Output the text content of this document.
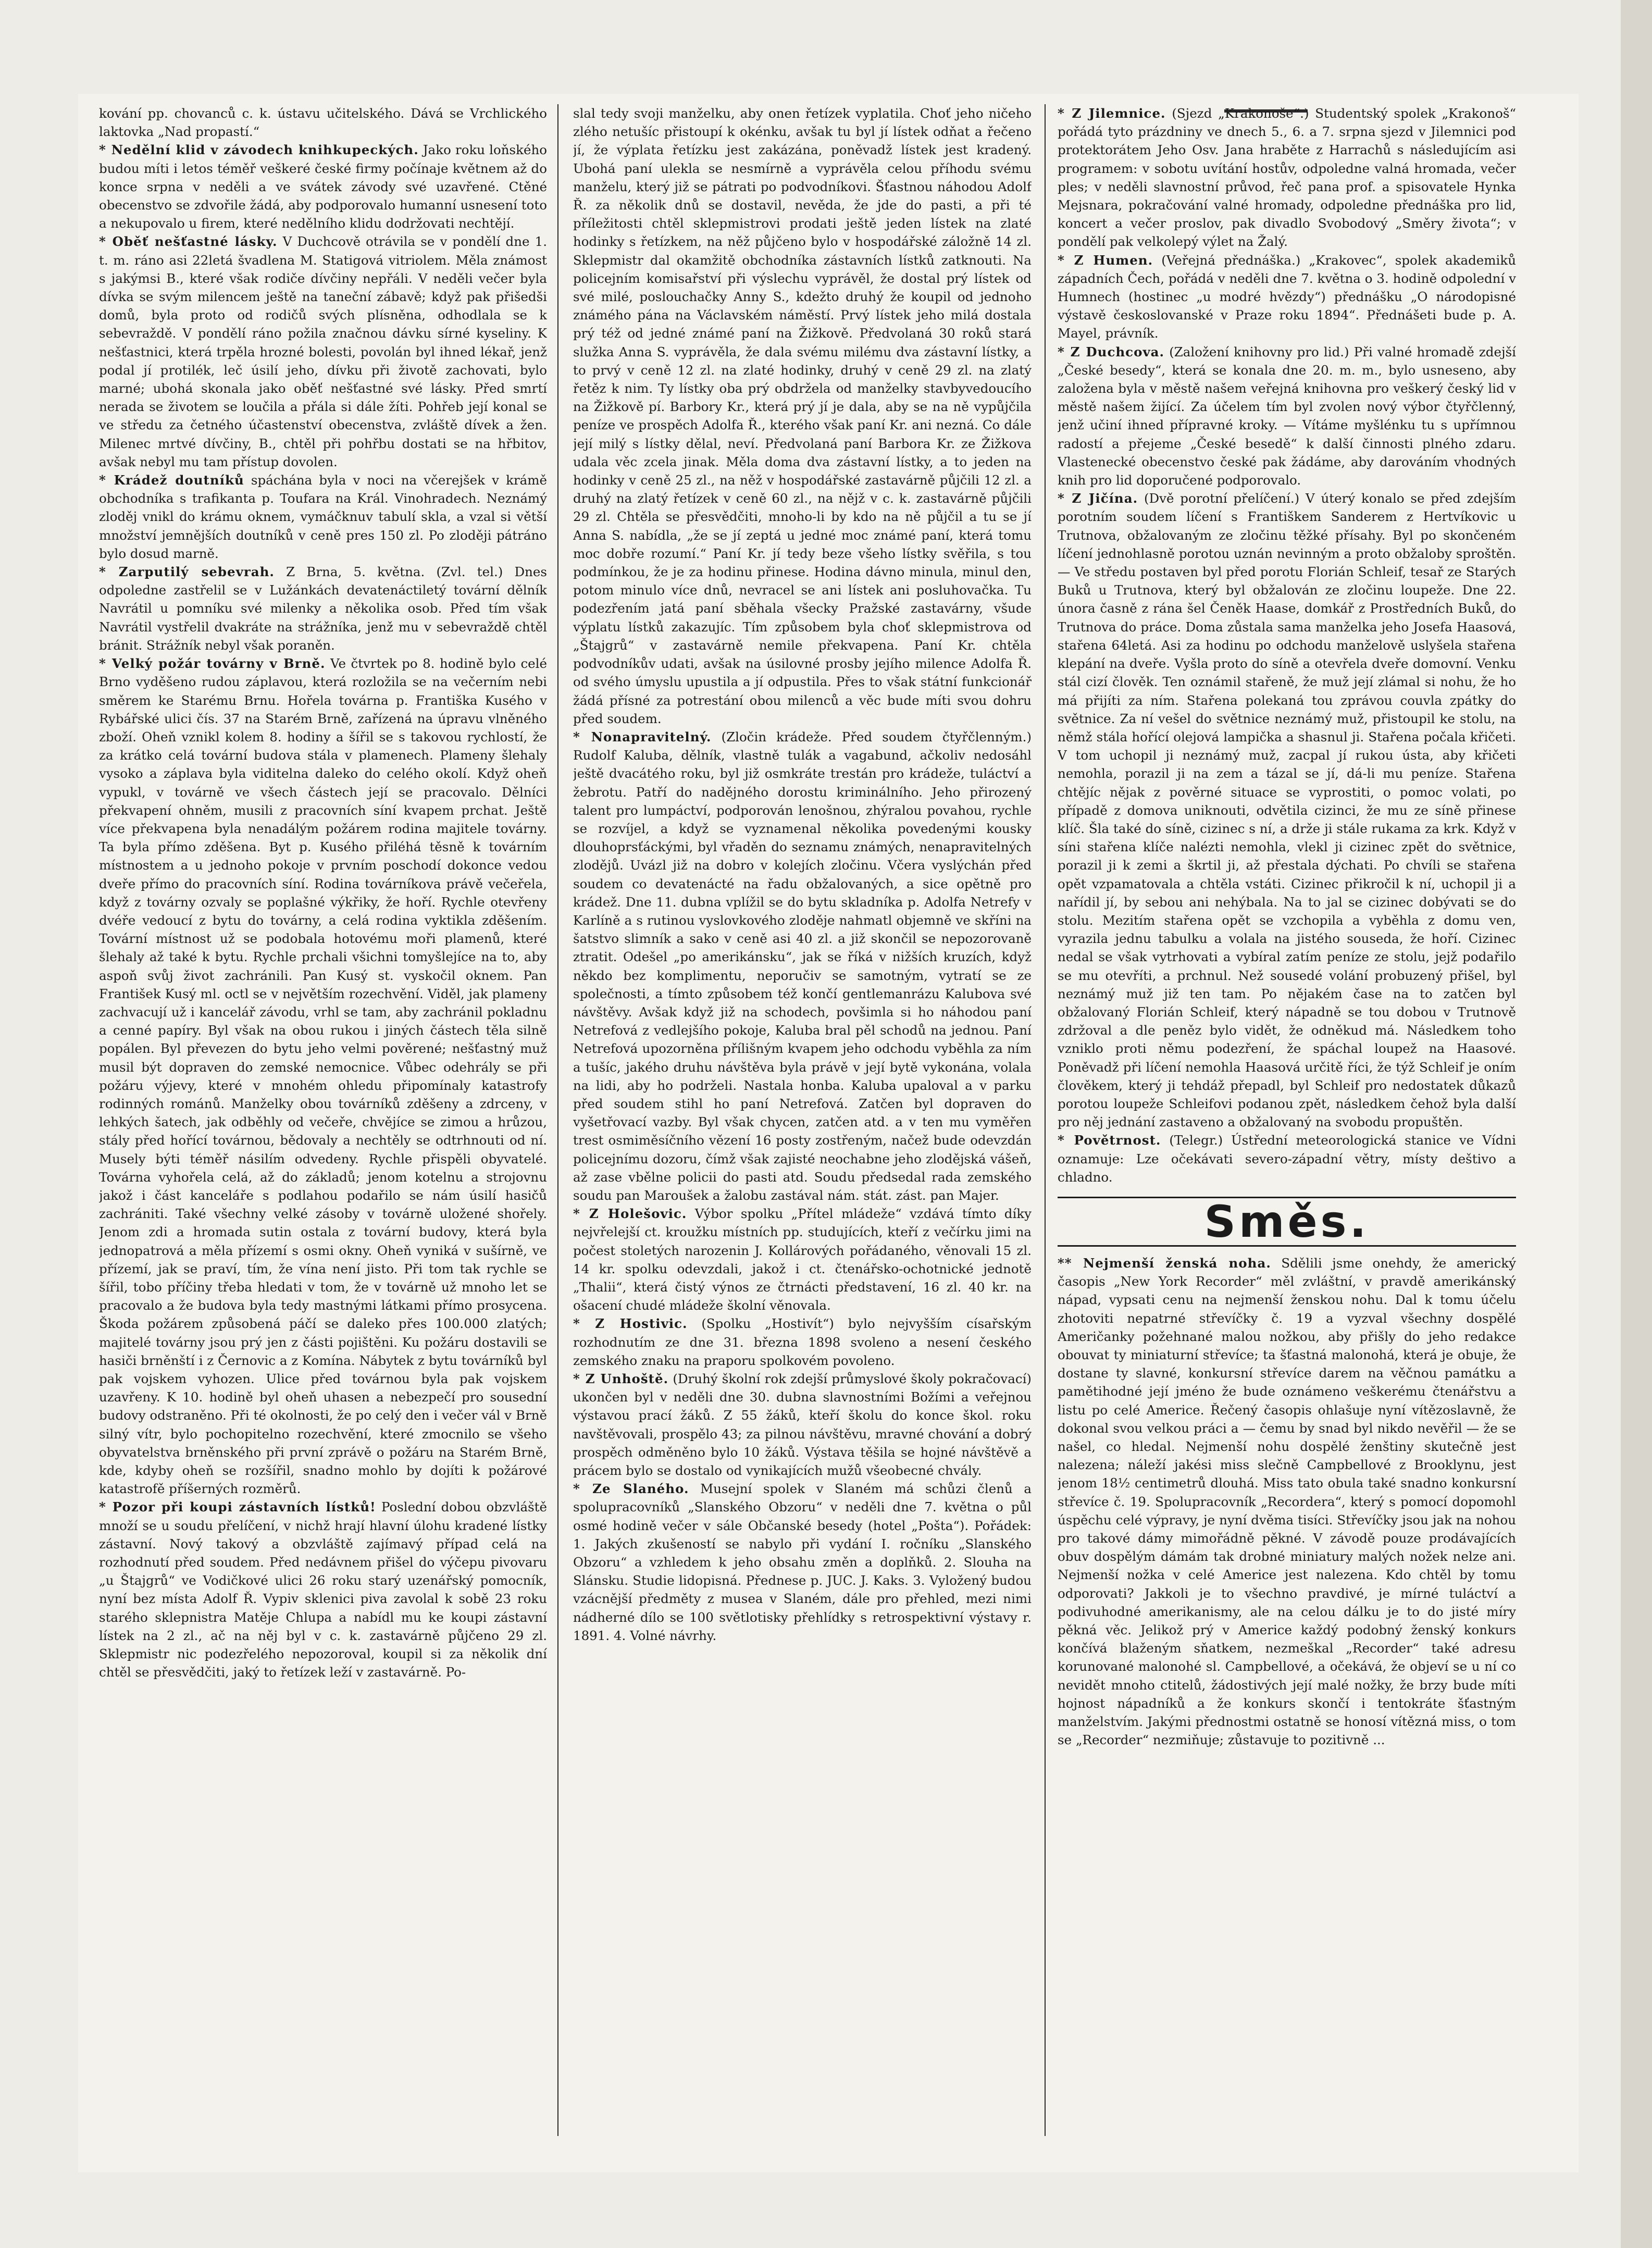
kování pp. chovanců c. k. ústavu učitelského. Dává se Vrchlického laktovka „Nad propastí.“

* Nedělní klid v závodech knihkupeckých. Jako roku loňského budou míti i letos téměř veškeré české firmy počínaje květnem až do konce srpna v neděli a ve svátek závody své uzavřené. Ctěné obecenstvo se zdvořile žádá, aby podporovalo humanní usnesení toto a nekupovalo u firem, které nedělního klidu dodržovati nechtějí.

* Oběť nešťastné lásky. V Duchcově otrávila se v pondělí dne 1. t. m. ráno asi 22letá švadlena M. Statigová vitriolem. Měla známost s jakýmsi B., které však rodiče dívčiny nepřáli. V neděli večer byla dívka se svým milencem ještě na taneční zábavě; když pak přišedši domů, byla proto od rodičů svých plísněna, odhodlala se k sebevraždě. V pondělí ráno požila značnou dávku sírné kyseliny. K nešťastnici, která trpěla hrozné bolesti, povolán byl ihned lékař, jenž podal jí protilék, leč úsilí jeho, dívku při životě zachovati, bylo marné; ubohá skonala jako oběť nešťastné své lásky. Před smrtí nerada se životem se loučila a přála si dále žíti. Pohřeb její konal se ve středu za četného účastenství obecenstva, zvláště dívek a žen. Milenec mrtvé dívčiny, B., chtěl při pohřbu dostati se na hřbitov, avšak nebyl mu tam přístup dovolen.

* Krádež doutníků spáchána byla v noci na včerejšek v krámě obchodníka s trafikanta p. Toufara na Král. Vinohradech. Neznámý zloděj vnikl do krámu oknem, vymáčknuv tabulí skla, a vzal si větší množství jemnějších doutníků v ceně pres 150 zl. Po zloději pátráno bylo dosud marně.

* Zarputilý sebevrah. Z Brna, 5. května. (Zvl. tel.) Dnes odpoledne zastřelil se v Lužánkách devatenáctiletý tovární dělník Navrátil u pomníku své milenky a několika osob. Před tím však Navrátil vystřelil dvakráte na strážníka, jenž mu v sebevraždě chtěl bránit. Strážník nebyl však poraněn.

* Velký požár továrny v Brně. Ve čtvrtek po 8. hodině bylo celé Brno vyděšeno rudou záplavou, která rozložila se na večerním nebi směrem ke Starému Brnu. Hořela továrna p. Františka Kusého v Rybářské ulici čís. 37 na Starém Brně, zařízená na úpravu vlněného zboží. Oheň vznikl kolem 8. hodiny a šířil se s takovou rychlostí, že za krátko celá tovární budova stála v plamenech. Plameny šlehaly vysoko a záplava byla viditelna daleko do celého okolí. Když oheň vypukl, v továrně ve všech částech její se pracovalo. Dělníci překvapení ohněm, musili z pracovních síní kvapem prchat. Ještě více překvapena byla nenadálým požárem rodina majitele továrny. Ta byla přímo zděšena. Byt p. Kusého přiléhá těsně k továrním místnostem a u jednoho pokoje v prvním poschodí dokonce vedou dveře přímo do pracovních síní. Rodina továrníkova právě večeřela, když z továrny ozvaly se poplašné výkřiky, že hoří. Rychle otevřeny dvéře vedoucí z bytu do továrny, a celá rodina vyktikla zděšením. Tovární místnost už se podobala hotovému moři plamenů, které šlehaly až také k bytu. Rychle prchali všichni tomyšlejíce na to, aby aspoň svůj život zachránili. Pan Kusý st. vyskočil oknem. Pan František Kusý ml. octl se v největším rozechvění. Viděl, jak plameny zachvacují už i kancelář závodu, vrhl se tam, aby zachránil pokladnu a cenné papíry. Byl však na obou rukou i jiných částech těla silně popálen. Byl převezen do bytu jeho velmi pověrené; nešťastný muž musil být dopraven do zemské nemocnice. Vůbec odehrály se při požáru výjevy, které v mnohém ohledu připomínaly katastrofy rodinných románů. Manželky obou továrníků zděšeny a zdrceny, v lehkých šatech, jak odběhly od večeře, chvějíce se zimou a hrůzou, stály před hořící továrnou, bědovaly a nechtěly se odtrhnouti od ní. Musely býti téměř násilím odvedeny. Rychle přispěli obyvatelé. Továrna vyhořela celá, až do základů; jenom kotelnu a strojovnu jakož i část kanceláře s podlahou podařilo se nám úsilí hasičů zachrániti. Také všechny velké zásoby v továrně uložené shořely. Jenom zdi a hromada sutin ostala z tovární budovy, která byla jednopatrová a měla přízemí s osmi okny. Oheň vyniká v sušírně, ve přízemí, jak se praví, tím, že vína není jisto. Při tom tak rychle se šířil, tobo příčiny třeba hledati v tom, že v továrně už mnoho let se pracovalo a že budova byla tedy mastnými látkami přímo prosycena. Škoda požárem způsobená páčí se daleko přes 100.000 zlatých; majitelé továrny jsou prý jen z části pojištěni. Ku požáru dostavili se hasiči brněnští i z Černovic a z Komína. Nábytek z bytu továrníků byl pak vojskem vyhozen. Ulice před továrnou byla pak vojskem uzavřeny. K 10. hodině byl oheň uhasen a nebezpečí pro sousední budovy odstraněno. Při té okolnosti, že po celý den i večer vál v Brně silný vítr, bylo pochopitelno rozechvění, které zmocnilo se všeho obyvatelstva brněnského při první zprávě o požáru na Starém Brně, kde, kdyby oheň se rozšířil, snadno mohlo by dojíti k požárové katastrofě příšerných rozměrů.

* Pozor při koupi zástavních lístků! Poslední dobou obzvláště množí se u soudu přelíčení, v nichž hrají hlavní úlohu kradené lístky zástavní. Nový takový a obzvláště zajímavý případ celá na rozhodnutí před soudem. Před nedávnem přišel do výčepu pivovaru „u Štajgrů“ ve Vodičkové ulici 26 roku starý uzenářský pomocník, nyní bez místa Adolf Ř. Vypiv sklenici piva zavolal k sobě 23 roku starého sklepnistra Matěje Chlupa a nabídl mu ke koupi zástavní lístek na 2 zl., ač na něj byl v c. k. zastavárně půjčeno 29 zl. Sklepmistr nic podezřelého nepozoroval, koupil si za několik dní chtěl se přesvědčiti, jaký to řetízek leží v zastavárně. Po-

slal tedy svoji manželku, aby onen řetízek vyplatila. Choť jeho ničeho zlého netušíc přistoupí k okénku, avšak tu byl jí lístek odňat a řečeno jí, že výplata řetízku jest zakázána, poněvadž lístek jest kradený. Ubohá paní ulekla se nesmírně a vyprávěla celou příhodu svému manželu, který již se pátrati po podvodníkovi. Šťastnou náhodou Adolf Ř. za několik dnů se dostavil, nevěda, že jde do pasti, a při té příležitosti chtěl sklepmistrovi prodati ještě jeden lístek na zlaté hodinky s řetízkem, na něž půjčeno bylo v hospodářské záložně 14 zl. Sklepmistr dal okamžitě obchodníka zástavních lístků zatknouti. Na policejním komisařství při výslechu vyprávěl, že dostal prý lístek od své milé, poslouchačky Anny S., kdežto druhý že koupil od jednoho známého pána na Václavském náměstí. Prvý lístek jeho milá dostala prý též od jedné známé paní na Žižkově. Předvolaná 30 roků stará služka Anna S. vyprávěla, že dala svému milému dva zástavní lístky, a to prvý v ceně 12 zl. na zlaté hodinky, druhý v ceně 29 zl. na zlatý řetěz k nim. Ty lístky oba prý obdržela od manželky stavbyvedoucího na Žižkově pí. Barbory Kr., která prý jí je dala, aby se na ně vypůjčila peníze ve prospěch Adolfa Ř., kterého však paní Kr. ani nezná. Co dále její milý s lístky dělal, neví. Předvolaná paní Barbora Kr. ze Žižkova udala věc zcela jinak. Měla doma dva zástavní lístky, a to jeden na hodinky v ceně 25 zl., na něž v hospodářské zastavárně půjčili 12 zl. a druhý na zlatý řetízek v ceně 60 zl., na nějž v c. k. zastavárně půjčili 29 zl. Chtěla se přesvědčiti, mnoho-li by kdo na ně půjčil a tu se jí Anna S. nabídla, „že se jí zeptá u jedné moc známé paní, která tomu moc dobře rozumí.“ Paní Kr. jí tedy beze všeho lístky svěřila, s tou podmínkou, že je za hodinu přinese. Hodina dávno minula, minul den, potom minulo více dnů, nevracel se ani lístek ani posluhovačka. Tu podezřením jatá paní sběhala všecky Pražské zastavárny, všude výplatu lístků zakazujíc. Tím způsobem byla choť sklepmistrova od „Štajgrů“ v zastavárně nemile překvapena. Paní Kr. chtěla podvodníkův udati, avšak na úsilovné prosby jejího milence Adolfa Ř. od svého úmyslu upustila a jí odpustila. Přes to však státní funkcionář žádá přísné za potrestání obou milenců a věc bude míti svou dohru před soudem.

* Nonapravitelný. (Zločin krádeže. Před soudem čtyřčlenným.) Rudolf Kaluba, dělník, vlastně tulák a vagabund, ačkoliv nedosáhl ještě dvacátého roku, byl již osmkráte trestán pro krádeže, tuláctví a žebrotu. Patří do nadějného dorostu kriminálního. Jeho přirozený talent pro lumpáctví, podporován lenošnou, zhýralou povahou, rychle se rozvíjel, a když se vyznamenal několika povedenými kousky dlouhoprsťáckými, byl vřaděn do seznamu známých, nenapravitelných zlodějů. Uvázl již na dobro v kolejích zločinu. Včera vyslýchán před soudem co devatenácté na řadu obžalovaných, a sice opětně pro krádež. Dne 11. dubna vplížil se do bytu skladníka p. Adolfa Netrefy v Karlíně a s rutinou vyslovkového zloděje nahmatl objemně ve skříni na šatstvo slimník a sako v ceně asi 40 zl. a již skončil se nepozorovaně ztratit. Odešel „po amerikánsku“, jak se říká v nižších kruzích, když někdo bez komplimentu, neporučiv se samotným, vytratí se ze společnosti, a tímto způsobem též končí gentlemanrázu Kalubova své návštěvy. Avšak když již na schodech, povšimla si ho náhodou paní Netrefová z vedlejšího pokoje, Kaluba bral pěl schodů na jednou. Paní Netrefová upozorněna přílišným kvapem jeho odchodu vyběhla za ním a tušíc, jakého druhu návštěva byla právě v její bytě vykonána, volala na lidi, aby ho podrželi. Nastala honba. Kaluba upaloval a v parku před soudem stihl ho paní Netrefová. Zatčen byl dopraven do vyšetřovací vazby. Byl však chycen, zatčen atd. a v ten mu vyměřen trest osmiměsíčního vězení 16 posty zostřeným, načež bude odevzdán policejnímu dozoru, čímž však zajisté neochabne jeho zlodějská vášeň, až zase vbělne policii do pasti atd. Soudu předsedal rada zemského soudu pan Maroušek a žalobu zastával nám. stát. zást. pan Majer.

* Z Holešovic. Výbor spolku „Přítel mládeže“ vzdává tímto díky nejvřelejší ct. kroužku místních pp. studujících, kteří z večírku jimi na počest stoletých narozenin J. Kollárových pořádaného, věnovali 15 zl. 14 kr. spolku odevzdali, jakož i ct. čtenářsko-ochotnické jednotě „Thalii“, která čistý výnos ze čtrnácti představení, 16 zl. 40 kr. na ošacení chudé mládeže školní věnovala.

* Z Hostivic. (Spolku „Hostivít“) bylo nejvyšším císařským rozhodnutím ze dne 31. března 1898 svoleno a nesení českého zemského znaku na praporu spolkovém povoleno.

* Z Unhoště. (Druhý školní rok zdejší průmyslové školy pokračovací) ukončen byl v neděli dne 30. dubna slavnostními Božími a veřejnou výstavou prací žáků. Z 55 žáků, kteří školu do konce škol. roku navštěvovali, prospělo 43; za pilnou návštěvu, mravné chování a dobrý prospěch odměněno bylo 10 žáků. Výstava těšila se hojné návštěvě a prácem bylo se dostalo od vynikajících mužů všeobecné chvály.

* Ze Slaného. Musejní spolek v Slaném má schůzi členů a spolupracovníků „Slanského Obzoru“ v neděli dne 7. května o půl osmé hodině večer v sále Občanské besedy (hotel „Pošta“). Pořádek: 1. Jakých zkušeností se nabylo při vydání I. ročníku „Slanského Obzoru“ a vzhledem k jeho obsahu změn a doplňků. 2. Slouha na Slánsku. Studie lidopisná. Přednese p. JUC. J. Kaks. 3. Vyložený budou vzácnější předměty z musea v Slaném, dále pro přehled, mezi nimi nádherné dílo se 100 světlotisky přehlídky s retrospektivní výstavy r. 1891. 4. Volné návrhy.

* Z Jilemnice. (Sjezd „Krakonoše“.) Studentský spolek „Krakonoš“ pořádá tyto prázdniny ve dnech 5., 6. a 7. srpna sjezd v Jilemnici pod protektorátem Jeho Osv. Jana hraběte z Harrachů s následujícím asi programem: v sobotu uvítání hostův, odpoledne valná hromada, večer ples; v neděli slavnostní průvod, řeč pana prof. a spisovatele Hynka Mejsnara, pokračování valné hromady, odpoledne přednáška pro lid, koncert a večer proslov, pak divadlo Svobodový „Směry života“; v pondělí pak velkolepý výlet na Žalý.

* Z Humen. (Veřejná přednáška.) „Krakovec“, spolek akademiků západních Čech, pořádá v neděli dne 7. května o 3. hodině odpolední v Humnech (hostinec „u modré hvězdy“) přednášku „O národopisné výstavě českoslovanské v Praze roku 1894“. Přednášeti bude p. A. Mayel, právník.

* Z Duchcova. (Založení knihovny pro lid.) Při valné hromadě zdejší „České besedy“, která se konala dne 20. m. m., bylo usneseno, aby založena byla v městě našem veřejná knihovna pro veškerý český lid v městě našem žijící. Za účelem tím byl zvolen nový výbor čtyřčlenný, jenž učiní ihned přípravné kroky. — Vítáme myšlénku tu s upřímnou radostí a přejeme „České besedě“ k další činnosti plného zdaru. Vlastenecké obecenstvo české pak žádáme, aby darováním vhodných knih pro lid doporučené podporovalo.

* Z Jičína. (Dvě porotní přelíčení.) V úterý konalo se před zdejším porotním soudem líčení s Františkem Sanderem z Hertvíkovic u Trutnova, obžalovaným ze zločinu těžké přísahy. Byl po skončeném líčení jednohlasně porotou uznán nevinným a proto obžaloby sproštěn. — Ve středu postaven byl před porotu Florián Schleif, tesař ze Starých Buků u Trutnova, který byl obžalován ze zločinu loupeže. Dne 22. února časně z rána šel Čeněk Haase, domkář z Prostředních Buků, do Trutnova do práce. Doma zůstala sama manželka jeho Josefa Haasová, stařena 64letá. Asi za hodinu po odchodu manželově uslyšela stařena klepání na dveře. Vyšla proto do síně a otevřela dveře domovní. Venku stál cizí člověk. Ten oznámil stařeně, že muž její zlámal si nohu, že ho má přijíti za ním. Stařena polekaná tou zprávou couvla zpátky do světnice. Za ní vešel do světnice neznámý muž, přistoupil ke stolu, na němž stála hořící olejová lampička a shasnul ji. Stařena počala křičeti. V tom uchopil ji neznámý muž, zacpal jí rukou ústa, aby křičeti nemohla, porazil ji na zem a tázal se jí, dá-li mu peníze. Stařena chtějíc nějak z pověrné situace se vyprostiti, o pomoc volati, po případě z domova uniknouti, odvětila cizinci, že mu ze síně přinese klíč. Šla také do síně, cizinec s ní, a drže ji stále rukama za krk. Když v síni stařena klíče nalézti nemohla, vlekl ji cizinec zpět do světnice, porazil ji k zemi a škrtil ji, až přestala dýchati. Po chvíli se stařena opět vzpamatovala a chtěla vstáti. Cizinec přikročil k ní, uchopil ji a nařídil jí, by sebou ani nehýbala. Na to jal se cizinec dobývati se do stolu. Mezitím stařena opět se vzchopila a vyběhla z domu ven, vyrazila jednu tabulku a volala na jistého souseda, že hoří. Cizinec nedal se však vytrhovati a vybíral zatím peníze ze stolu, jejž podařilo se mu otevříti, a prchnul. Než sousedé volání probuzený přišel, byl neznámý muž již ten tam. Po nějakém čase na to zatčen byl obžalovaný Florián Schleif, který nápadně se tou dobou v Trutnově zdržoval a dle peněz bylo vidět, že odněkud má. Následkem toho vzniklo proti němu podezření, že spáchal loupež na Haasové. Poněvadž při líčení nemohla Haasová určitě říci, že týž Schleif je oním člověkem, který ji tehdáž přepadl, byl Schleif pro nedostatek důkazů porotou loupeže Schleifovi podanou zpět, následkem čehož byla další pro něj jednání zastaveno a obžalovaný na svobodu propuštěn.

* Povětrnost. (Telegr.) Ústřední meteorologická stanice ve Vídni oznamuje: Lze očekávati severo-západní větry, místy deštivo a chladno.

Směs.

** Nejmenší ženská noha. Sdělili jsme onehdy, že americký časopis „New York Recorder“ měl zvláštní, v pravdě amerikánský nápad, vypsati cenu na nejmenší ženskou nohu. Dal k tomu účelu zhotoviti nepatrné střevíčky č. 19 a vyzval všechny dospělé Američanky požehnané malou nožkou, aby přišly do jeho redakce obouvat ty miniaturní střevíce; ta šťastná malonohá, která je obuje, že dostane ty slavné, konkursní střevíce darem na věčnou památku a pamětihodné její jméno že bude oznámeno veškerému čtenářstvu a listu po celé Americe. Řečený časopis ohlašuje nyní vítězoslavně, že dokonal svou velkou práci a — čemu by snad byl nikdo nevěřil — že se našel, co hledal. Nejmenší nohu dospělé ženštiny skutečně jest nalezena; náleží jakési miss slečně Campbellové z Brooklynu, jest jenom 18½ centimetrů dlouhá. Miss tato obula také snadno konkursní střevíce č. 19. Spolupracovník „Recordera“, který s pomocí dopomohl úspěchu celé výpravy, je nyní dvěma tisíci. Střevíčky jsou jak na nohou pro takové dámy mimořádně pěkné. V závodě pouze prodávajících obuv dospělým dámám tak drobné miniatury malých nožek nelze ani. Nejmenší nožka v celé Americe jest nalezena. Kdo chtěl by tomu odporovati? Jakkoli je to všechno pravdivé, je mírné tuláctví a podivuhodné amerikanismy, ale na celou dálku je to do jisté míry pěkná věc. Jelikož prý v Americe každý podobný ženský konkurs končívá blaženým sňatkem, nezmeškal „Recorder“ také adresu korunované malonohé sl. Campbellové, a očekává, že objeví se u ní co nevidět mnoho ctitelů, žádostivých její malé nožky, že brzy bude míti hojnost nápadníků a že konkurs skončí i tentokráte šťastným manželstvím. Jakými přednostmi ostatně se honosí vítězná miss, o tom se „Recorder“ nezmiňuje; zůstavuje to pozitivně ...
